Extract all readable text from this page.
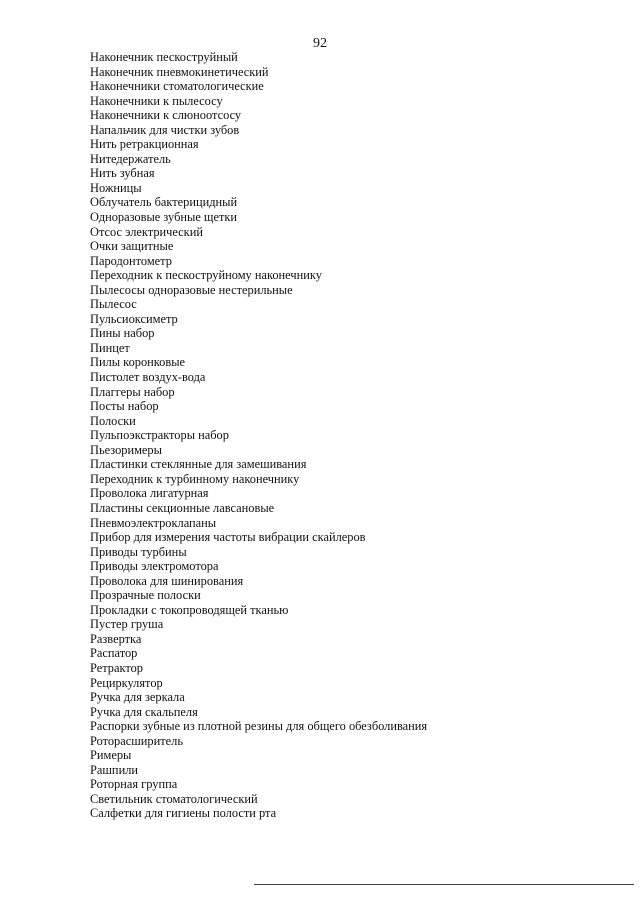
92
Наконечник пескоструйный
Наконечник пневмокинетический
Наконечники стоматологические
Наконечники к пылесосу
Наконечники к слюноотсосу
Напальчик для чистки зубов
Нить ретракционная
Нитедержатель
Нить зубная
Ножницы
Облучатель бактерицидный
Одноразовые зубные щетки
Отсос электрический
Очки защитные
Пародонтометр
Переходник к пескоструйному наконечнику
Пылесосы одноразовые нестерильные
Пылесос
Пульсиоксиметр
Пины набор
Пинцет
Пилы коронковые
Пистолет воздух-вода
Плаггеры набор
Посты набор
Полоски
Пульпоэкстракторы набор
Пьезоримеры
Пластинки стеклянные для замешивания
Переходник к турбинному наконечнику
Проволока лигатурная
Пластины секционные лавсановые
Пневмоэлектроклапаны
Прибор для измерения частоты вибрации скайлеров
Приводы турбины
Приводы электромотора
Проволока для шинирования
Прозрачные полоски
Прокладки с токопроводящей тканью
Пустер груша
Развертка
Распатор
Ретрактор
Рециркулятор
Ручка для зеркала
Ручка для скальпеля
Распорки зубные из плотной резины для общего обезболивания
Роторасширитель
Римеры
Рашпили
Роторная группа
Светильник стоматологический
Салфетки для гигиены полости рта
